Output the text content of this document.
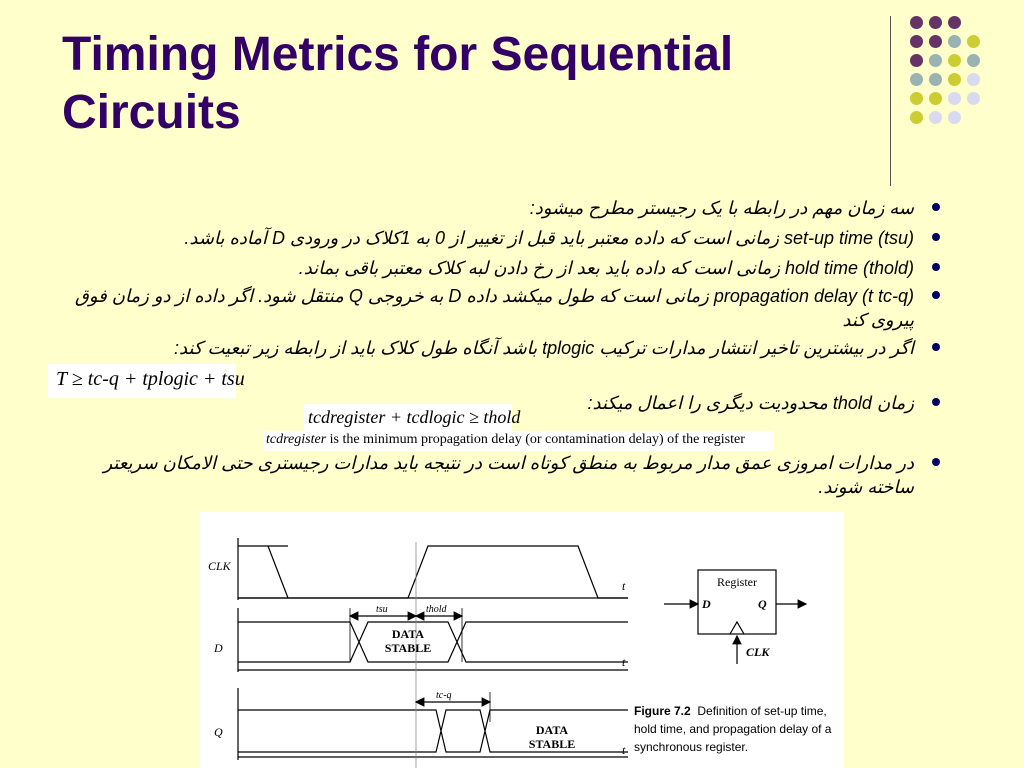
Timing Metrics for Sequential
Circuits
سه زمان مهم در رابطه با یک رجیستر مطرح میشود:
set-up time (tsu) زمانی است که داده معتبر باید قبل از تغییر از 0 به 1کلاک در ورودی D آماده باشد.
hold time (thold) زمانی است که داده باید بعد از رخ دادن لبه کلاک معتبر باقی بماند.
propagation delay (t tc-q) زمانی است که طول میکشد داده D به خروجی Q منتقل شود. اگر داده از دو زمان فوق پیروی کند
اگر در بیشترین تاخیر انتشار مدارات ترکیب tplogic باشد آنگاه طول کلاک باید از رابطه زیر تبعیت کند:
زمان thold محدودیت دیگری را اعمال میکند:
در مدارات امروزی عمق مدار مربوط به منطق کوتاه است در نتیجه باید مدارات رجیستری حتی الامکان سریعتر ساخته شوند.
T ≥ tc-q + tplogic + tsu
tcdregister + tcdlogic ≥ thold
tcdregister is the minimum propagation delay (or contamination delay) of the register
CLK
D
Q
t
t
t
tsu	thold
tc-q
DATA
STABLE
DATA
STABLE
Register
D	Q
CLK
Figure 7.2 Definition of set-up time, hold time, and propagation delay of a synchronous register.
